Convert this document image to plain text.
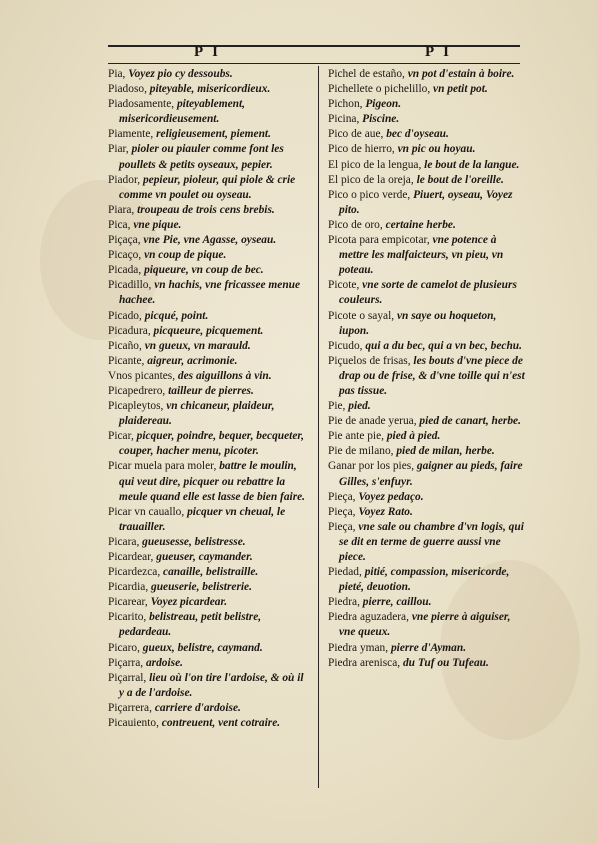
P I	P I

Pia, Voyez pio cy dessoubs.

Piadoso, piteyable, misericordieux.

Piadosamente, piteyablement, misericordieusement.

Piamente, religieusement, piement.

Piar, pioler ou piauler comme font les poullets & petits oyseaux, pepier.

Piador, pepieur, pioleur, qui piole & crie comme vn poulet ou oyseau.

Piara, troupeau de trois cens brebis.

Pica, vne pique.

Piçaça, vne Pie, vne Agasse, oyseau.

Picaço, vn coup de pique.

Picada, piqueure, vn coup de bec.

Picadillo, vn hachis, vne fricassee menue hachee.

Picado, picqué, point.

Picadura, picqueure, picquement.

Picaño, vn gueux, vn marauld.

Picante, aigreur, acrimonie.

Vnos picantes, des aiguillons à vin.

Picapedrero, tailleur de pierres.

Picapleytos, vn chicaneur, plaideur, plaidereau.

Picar, picquer, poindre, bequer, becqueter, couper, hacher menu, picoter.

Picar muela para moler, battre le moulin, qui veut dire, picquer ou rebattre la meule quand elle est lasse de bien faire.

Picar vn cauallo, picquer vn cheual, le trauailler.

Picara, gueusesse, belistresse.

Picardear, gueuser, caymander.

Picardezca, canaille, belistraille.

Picardia, gueuserie, belistrerie.

Picarear, Voyez picardear.

Picarito, belistreau, petit belistre, pedardeau.

Picaro, gueux, belistre, caymand.

Piçarra, ardoise.

Piçarral, lieu où l'on tire l'ardoise, & où il y a de l'ardoise.

Piçarrera, carriere d'ardoise.

Picauiento, contreuent, vent cotraire.

Pichel de estaño, vn pot d'estain à boire.

Pichellete o pichelillo, vn petit pot.

Pichon, Pigeon.

Picina, Piscine.

Pico de aue, bec d'oyseau.

Pico de hierro, vn pic ou hoyau.

El pico de la lengua, le bout de la langue.

El pico de la oreja, le bout de l'oreille.

Pico o pico verde, Piuert, oyseau, Voyez pito.

Pico de oro, certaine herbe.

Picota para empicotar, vne potence à mettre les malfaicteurs, vn pieu, vn poteau.

Picote, vne sorte de camelot de plusieurs couleurs.

Picote o sayal, vn saye ou hoqueton, iupon.

Picudo, qui a du bec, qui a vn bec, bechu.

Piçuelos de frisas, les bouts d'vne piece de drap ou de frise, & d'vne toille qui n'est pas tissue.

Pie, pied.

Pie de anade yerua, pied de canart, herbe.

Pie ante pie, pied à pied.

Pie de milano, pied de milan, herbe.

Ganar por los pies, gaigner au pieds, faire Gilles, s'enfuyr.

Pieça, Voyez pedaço.

Pieça, Voyez Rato.

Pieça, vne sale ou chambre d'vn logis, qui se dit en terme de guerre aussi vne piece.

Piedad, pitié, compassion, misericorde, pieté, deuotion.

Piedra, pierre, caillou.

Piedra aguzadera, vne pierre à aiguiser, vne queux.

Piedra yman, pierre d'Ayman.

Piedra arenisca, du Tuf ou Tufeau.
